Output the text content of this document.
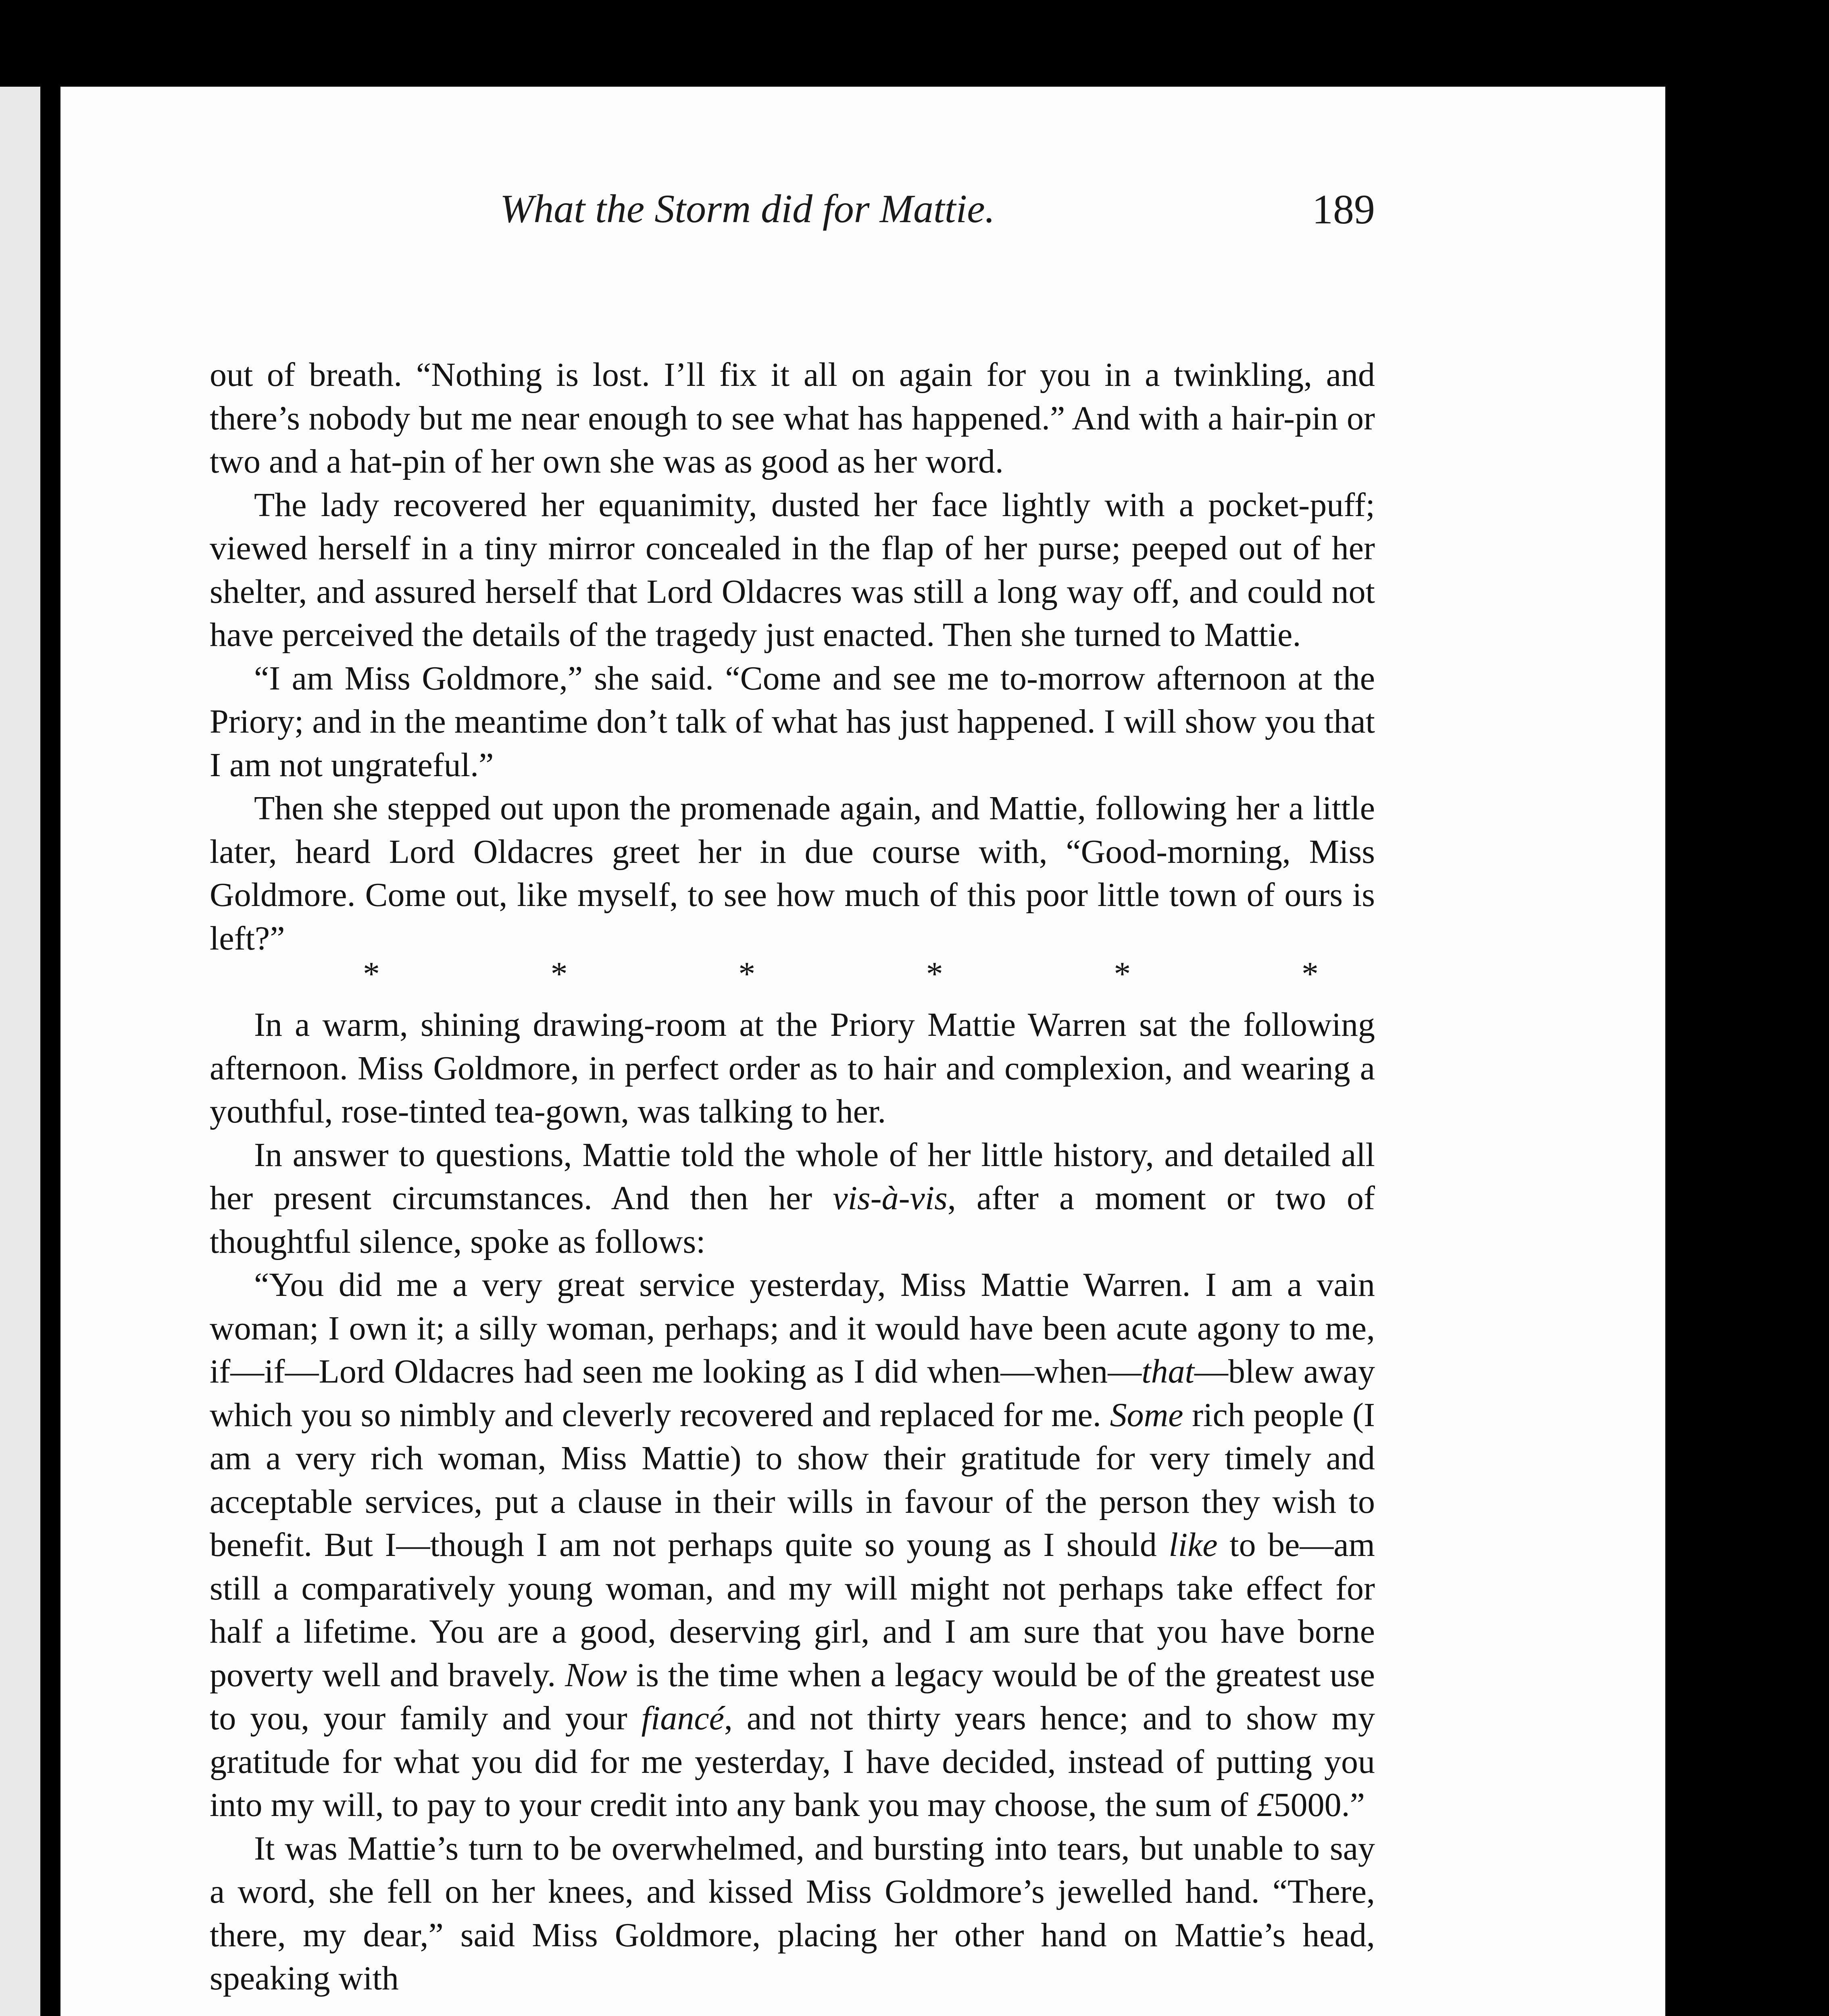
What the Storm did for Mattie.	189

out of breath. “Nothing is lost. I’ll fix it all on again for you in a twinkling, and there’s nobody but me near enough to see what has happened.” And with a hair-pin or two and a hat-pin of her own she was as good as her word.

The lady recovered her equanimity, dusted her face lightly with a pocket-puff; viewed herself in a tiny mirror concealed in the flap of her purse; peeped out of her shelter, and assured herself that Lord Oldacres was still a long way off, and could not have perceived the details of the tragedy just enacted. Then she turned to Mattie.

“I am Miss Goldmore,” she said. “Come and see me to-morrow afternoon at the Priory; and in the meantime don’t talk of what has just happened. I will show you that I am not ungrateful.”

Then she stepped out upon the promenade again, and Mattie, following her a little later, heard Lord Oldacres greet her in due course with, “Good-morning, Miss Goldmore. Come out, like myself, to see how much of this poor little town of ours is left?”

*	*	*	*	*	*

In a warm, shining drawing-room at the Priory Mattie Warren sat the following afternoon. Miss Goldmore, in perfect order as to hair and complexion, and wearing a youthful, rose-tinted tea-gown, was talking to her.

In answer to questions, Mattie told the whole of her little history, and detailed all her present circumstances. And then her vis-à-vis, after a moment or two of thoughtful silence, spoke as follows:

“You did me a very great service yesterday, Miss Mattie Warren. I am a vain woman; I own it; a silly woman, perhaps; and it would have been acute agony to me, if—if—Lord Oldacres had seen me looking as I did when—when—that—blew away which you so nimbly and cleverly recovered and replaced for me. Some rich people (I am a very rich woman, Miss Mattie) to show their gratitude for very timely and acceptable services, put a clause in their wills in favour of the person they wish to benefit. But I—though I am not perhaps quite so young as I should like to be—am still a comparatively young woman, and my will might not perhaps take effect for half a lifetime. You are a good, deserving girl, and I am sure that you have borne poverty well and bravely. Now is the time when a legacy would be of the greatest use to you, your family and your fiancé, and not thirty years hence; and to show my gratitude for what you did for me yesterday, I have decided, instead of putting you into my will, to pay to your credit into any bank you may choose, the sum of £5000.”

It was Mattie’s turn to be overwhelmed, and bursting into tears, but unable to say a word, she fell on her knees, and kissed Miss Goldmore’s jewelled hand. “There, there, my dear,” said Miss Goldmore, placing her other hand on Mattie’s head, speaking with
